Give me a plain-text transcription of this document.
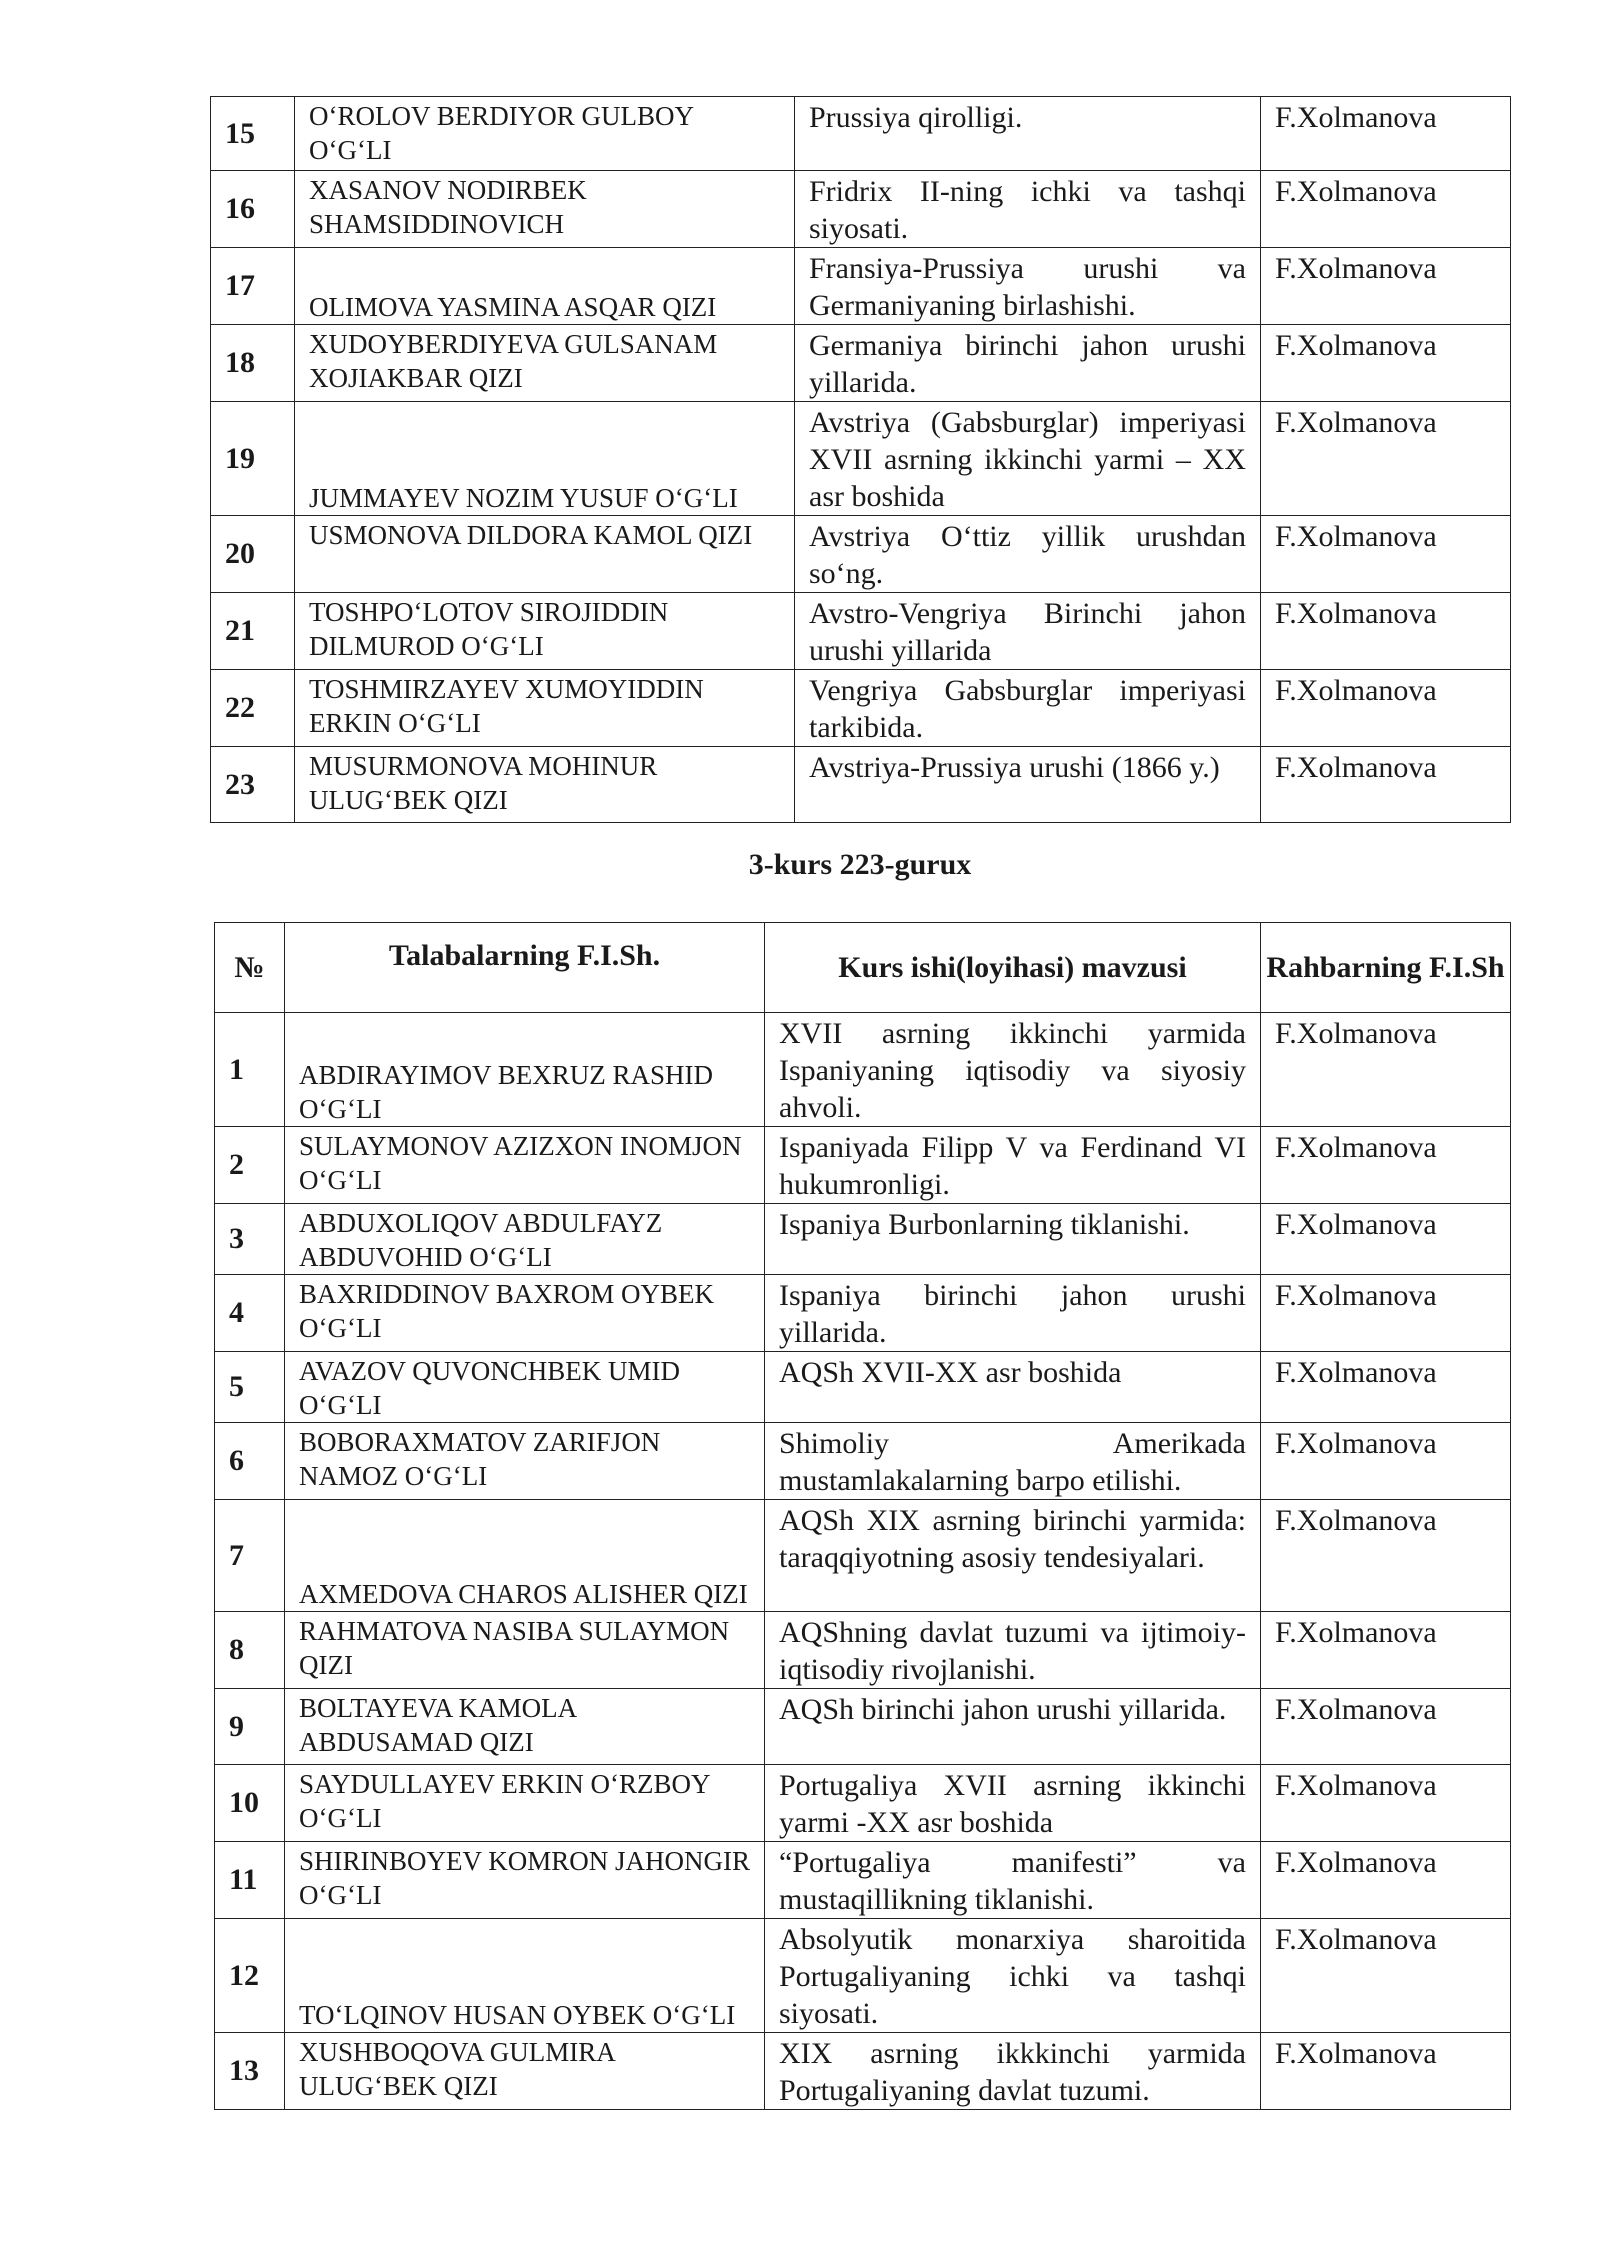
15	O‘ROLOV BERDIYOR GULBOY O‘G‘LI	Prussiya qirolligi.	F.Xolmanova
16	XASANOV NODIRBEK SHAMSIDDINOVICH	Fridrix II-ning ichki va tashqi siyosati.	F.Xolmanova
17	OLIMOVA YASMINA ASQAR QIZI	Fransiya-Prussiya urushi va Germaniyaning birlashishi.	F.Xolmanova
18	XUDOYBERDIYEVA GULSANAM XOJIAKBAR QIZI	Germaniya birinchi jahon urushi yillarida.	F.Xolmanova
19	JUMMAYEV NOZIM YUSUF O‘G‘LI	Avstriya (Gabsburglar) imperiyasi XVII asrning ikkinchi yarmi – XX asr boshida	F.Xolmanova
20	USMONOVA DILDORA KAMOL QIZI	Avstriya O‘ttiz yillik urushdan so‘ng.	F.Xolmanova
21	TOSHPO‘LOTOV SIROJIDDIN DILMUROD O‘G‘LI	Avstro-Vengriya Birinchi jahon urushi yillarida	F.Xolmanova
22	TOSHMIRZAYEV XUMOYIDDIN ERKIN O‘G‘LI	Vengriya Gabsburglar imperiyasi tarkibida.	F.Xolmanova
23	MUSURMONOVA MOHINUR ULUG‘BEK QIZI	Avstriya-Prussiya urushi (1866 y.)	F.Xolmanova
3-kurs 223-gurux
№	Talabalarning F.I.Sh.	Kurs ishi(loyihasi) mavzusi	Rahbarning F.I.Sh
1	ABDIRAYIMOV BEXRUZ RASHID O‘G‘LI	XVII asrning ikkinchi yarmida Ispaniyaning iqtisodiy va siyosiy ahvoli.	F.Xolmanova
2	SULAYMONOV AZIZXON INOMJON O‘G‘LI	Ispaniyada Filipp V va Ferdinand VI hukumronligi.	F.Xolmanova
3	ABDUXOLIQOV ABDULFAYZ ABDUVOHID O‘G‘LI	Ispaniya Burbonlarning tiklanishi.	F.Xolmanova
4	BAXRIDDINOV BAXROM OYBEK O‘G‘LI	Ispaniya birinchi jahon urushi yillarida.	F.Xolmanova
5	AVAZOV QUVONCHBEK UMID O‘G‘LI	AQSh XVII-XX asr boshida	F.Xolmanova
6	BOBORAXMATOV ZARIFJON NAMOZ O‘G‘LI	Shimoliy Amerikada mustamlakalarning barpo etilishi.	F.Xolmanova
7	AXMEDOVA CHAROS ALISHER QIZI	AQSh XIX asrning birinchi yarmida: taraqqiyotning asosiy tendesiyalari.	F.Xolmanova
8	RAHMATOVA NASIBA SULAYMON QIZI	AQShning davlat tuzumi va ijtimoiy-iqtisodiy rivojlanishi.	F.Xolmanova
9	BOLTAYEVA KAMOLA ABDUSAMAD QIZI	AQSh birinchi jahon urushi yillarida.	F.Xolmanova
10	SAYDULLAYEV ERKIN O‘RZBOY O‘G‘LI	Portugaliya XVII asrning ikkinchi yarmi -XX asr boshida	F.Xolmanova
11	SHIRINBOYEV KOMRON JAHONGIR O‘G‘LI	“Portugaliya manifesti” va mustaqillikning tiklanishi.	F.Xolmanova
12	TO‘LQINOV HUSAN OYBEK O‘G‘LI	Absolyutik monarxiya sharoitida Portugaliyaning ichki va tashqi siyosati.	F.Xolmanova
13	XUSHBOQOVA GULMIRA ULUG‘BEK QIZI	XIX asrning ikkkinchi yarmida Portugaliyaning davlat tuzumi.	F.Xolmanova
